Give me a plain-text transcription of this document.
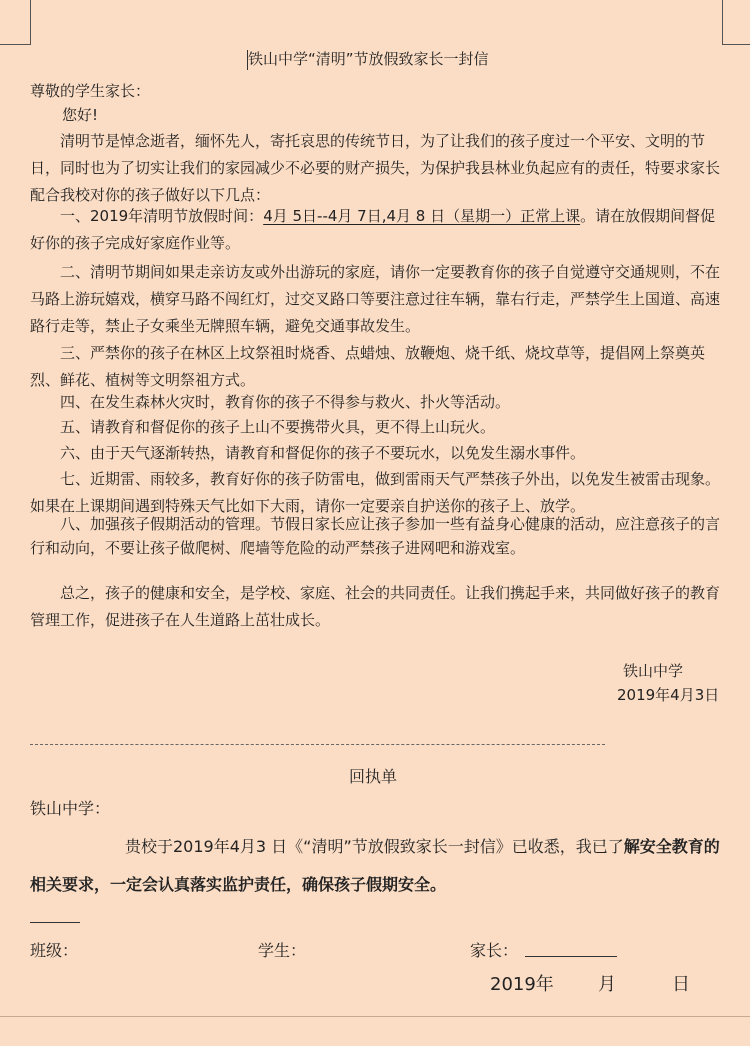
铁山中学“清明”节放假致家长一封信
尊敬的学生家长：
您好!
清明节是悼念逝者，缅怀先人，寄托哀思的传统节日，为了让我们的孩子度过一个平安、文明的节日，同时也为了切实让我们的家园减少不必要的财产损失，为保护我县林业负起应有的责任，特要求家长配合我校对你的孩子做好以下几点：
一、2019年清明节放假时间：4月 5日--4月 7日,4月 8 日（星期一）正常上课。请在放假期间督促好你的孩子完成好家庭作业等。
二、清明节期间如果走亲访友或外出游玩的家庭，请你一定要教育你的孩子自觉遵守交通规则，不在马路上游玩嬉戏，横穿马路不闯红灯，过交叉路口等要注意过往车辆，靠右行走，严禁学生上国道、高速路行走等，禁止子女乘坐无牌照车辆，避免交通事故发生。
三、严禁你的孩子在林区上坟祭祖时烧香、点蜡烛、放鞭炮、烧千纸、烧坟草等，提倡网上祭奠英烈、鲜花、植树等文明祭祖方式。
四、在发生森林火灾时，教育你的孩子不得参与救火、扑火等活动。
五、请教育和督促你的孩子上山不要携带火具，更不得上山玩火。
六、由于天气逐渐转热，请教育和督促你的孩子不要玩水，以免发生溺水事件。
七、近期雷、雨较多，教育好你的孩子防雷电，做到雷雨天气严禁孩子外出，以免发生被雷击现象。如果在上课期间遇到特殊天气比如下大雨，请你一定要亲自护送你的孩子上、放学。
八、加强孩子假期活动的管理。节假日家长应让孩子参加一些有益身心健康的活动，应注意孩子的言行和动向，不要让孩子做爬树、爬墙等危险的动严禁孩子进网吧和游戏室。
总之，孩子的健康和安全，是学校、家庭、社会的共同责任。让我们携起手来，共同做好孩子的教育管理工作，促进孩子在人生道路上茁壮成长。
铁山中学
2019年4月3日
回执单
铁山中学：
贵校于2019年4月3 日《“清明”节放假致家长一封信》已收悉，我已了解安全教育的相关要求，一定会认真落实监护责任，确保孩子假期安全。
班级：	学生：	家长：
2019年 月	日
